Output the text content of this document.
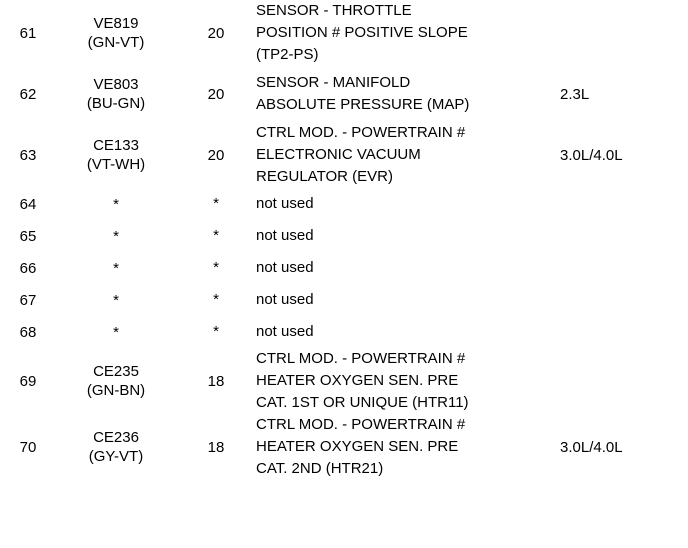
61	VE819
(GN-VT)	20	SENSOR - THROTTLE
POSITION # POSITIVE SLOPE
(TP2-PS)	

62	VE803
(BU-GN)	20	SENSOR - MANIFOLD
ABSOLUTE PRESSURE (MAP)	2.3L
63	CE133
(VT-WH)	20	CTRL MOD. - POWERTRAIN #
ELECTRONIC VACUUM
REGULATOR (EVR)	3.0L/4.0L
64	*	*	not used	
65	*	*	not used	
66	*	*	not used	
67	*	*	not used	
68	*	*	not used	
69	CE235
(GN-BN)	18	CTRL MOD. - POWERTRAIN #
HEATER OXYGEN SEN. PRE
CAT. 1ST OR UNIQUE (HTR11)	

70	CE236
(GY-VT)	18	CTRL MOD. - POWERTRAIN #
HEATER OXYGEN SEN. PRE
CAT. 2ND (HTR21)	3.0L/4.0L
